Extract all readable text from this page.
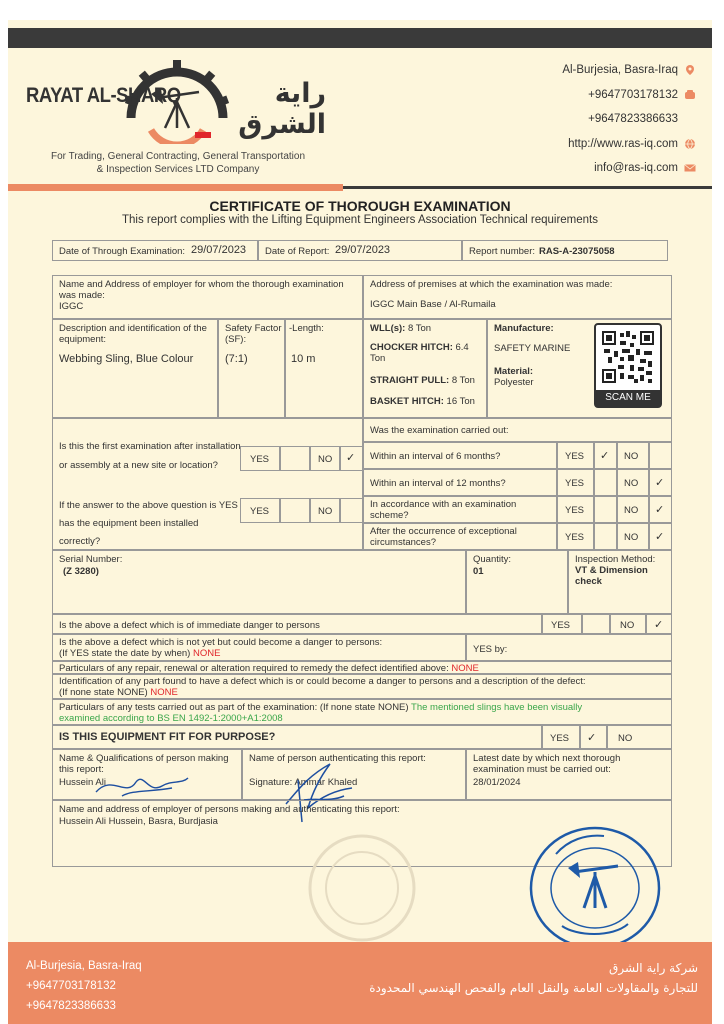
RAYAT AL-SHARQ	راية الشرق
For Trading, General Contracting, General Transportation
& Inspection Services LTD Company
Al-Burjesia, Basra-Iraq
+9647703178132
+9647823386633
http://www.ras-iq.com
info@ras-iq.com
CERTIFICATE OF THOROUGH EXAMINATION
This report complies with the Lifting Equipment Engineers Association Technical requirements
Date of Through Examination: 29/07/2023 Date of Report: 29/07/2023	Report number: RAS-A-23075058
Name and Address of employer for whom the thorough examination was made:
IGGC
Address of premises at which the examination was made:
IGGC Main Base / Al-Rumaila
Description and identification of the equipment:
Webbing Sling, Blue Colour
Safety Factor (SF):
(7:1)
-Length:
10 m
WLL(s): 8 Ton
CHOCKER HITCH: 6.4 Ton
STRAIGHT PULL: 8 Ton
BASKET HITCH: 16 Ton
Manufacture:
SAFETY MARINE
Material:
Polyester
SCAN ME
Is this the first examination after installation or assembly at a new site or location?
If the answer to the above question is YES has the equipment been installed correctly?
YES	NO ✓
YES	NO
Was the examination carried out:
Within an interval of 6 months?	YES ✓ NO
Within an interval of 12 months?	YES	NO ✓
In accordance with an examination scheme?	YES	NO ✓
After the occurrence of exceptional circumstances?	YES	NO ✓
Serial Number:
(Z 3280)
Quantity:
01
Inspection Method:
VT & Dimension check
Is the above a defect which is of immediate danger to persons	YES	NO ✓
Is the above a defect which is not yet but could become a danger to persons:
(If YES state the date by when) NONE	YES by:
Particulars of any repair, renewal or alteration required to remedy the defect identified above: NONE
Identification of any part found to have a defect which is or could become a danger to persons and a description of the defect:
(If none state NONE) NONE
Particulars of any tests carried out as part of the examination: (If none state NONE) The mentioned slings have been visually
examined according to BS EN 1492-1:2000+A1:2008
IS THIS EQUIPMENT FIT FOR PURPOSE?	YES ✓ NO
Name & Qualifications of person making this report:
Hussein Ali
Name of person authenticating this report:
Signature: Ammar Khaled
Latest date by which next thorough examination must be carried out:
28/01/2024
Name and address of employer of persons making and authenticating this report:
Hussein Ali Hussein, Basra, Burdjasia
Al-Burjesia, Basra-Iraq
+9647703178132
+9647823386633
شركة راية الشرق
للتجارة والمقاولات العامة والنقل العام والفحص الهندسي المحدودة
